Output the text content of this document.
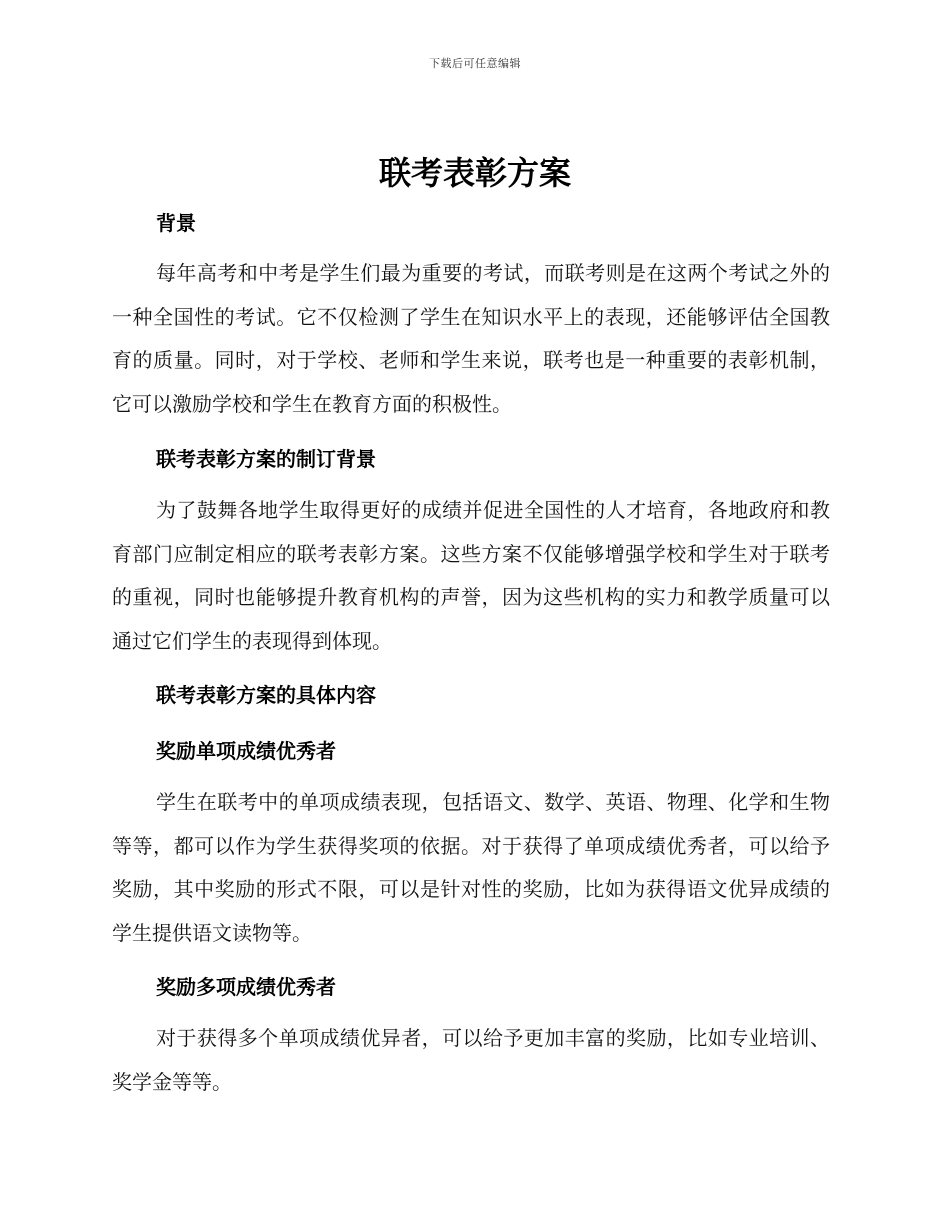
下载后可任意编辑
联考表彰方案
背景

每年高考和中考是学生们最为重要的考试，而联考则是在这两个考试之外的一种全国性的考试。它不仅检测了学生在知识水平上的表现，还能够评估全国教育的质量。同时，对于学校、老师和学生来说，联考也是一种重要的表彰机制，它可以激励学校和学生在教育方面的积极性。

联考表彰方案的制订背景

为了鼓舞各地学生取得更好的成绩并促进全国性的人才培育，各地政府和教育部门应制定相应的联考表彰方案。这些方案不仅能够增强学校和学生对于联考的重视，同时也能够提升教育机构的声誉，因为这些机构的实力和教学质量可以通过它们学生的表现得到体现。

联考表彰方案的具体内容
奖励单项成绩优秀者

学生在联考中的单项成绩表现，包括语文、数学、英语、物理、化学和生物等等，都可以作为学生获得奖项的依据。对于获得了单项成绩优秀者，可以给予奖励，其中奖励的形式不限，可以是针对性的奖励，比如为获得语文优异成绩的学生提供语文读物等。

奖励多项成绩优秀者

对于获得多个单项成绩优异者，可以给予更加丰富的奖励，比如专业培训、奖学金等等。
